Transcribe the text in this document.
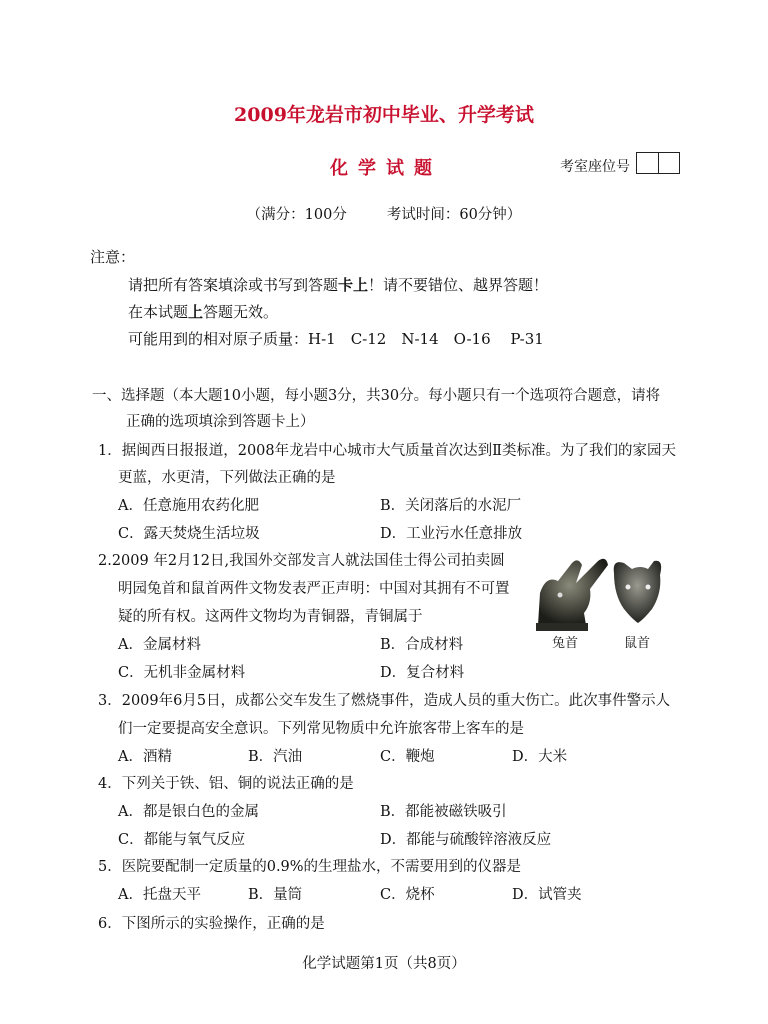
2009年龙岩市初中毕业、升学考试
化学试题	考室座位号
（满分：100分	考试时间：60分钟）
注意：
请把所有答案填涂或书写到答题卡上！请不要错位、越界答题！
在本试题上答题无效。
可能用到的相对原子质量：H-1　C-12　N-14　O-16　 P-31
一、选择题（本大题10小题，每小题3分，共30分。每小题只有一个选项符合题意，请将
正确的选项填涂到答题卡上）
1．据闽西日报报道，2008年龙岩中心城市大气质量首次达到Ⅱ类标准。为了我们的家园天
更蓝，水更清，下列做法正确的是
A．任意施用农药化肥	B．关闭落后的水泥厂
C．露天焚烧生活垃圾	D．工业污水任意排放
2.2009 年2月12日,我国外交部发言人就法国佳士得公司拍卖圆
明园兔首和鼠首两件文物发表严正声明：中国对其拥有不可置
疑的所有权。这两件文物均为青铜器，青铜属于
A．金属材料	B．合成材料
C．无机非金属材料	D．复合材料
兔首	鼠首
3．2009年6月5日，成都公交车发生了燃烧事件，造成人员的重大伤亡。此次事件警示人
们一定要提高安全意识。下列常见物质中允许旅客带上客车的是
A．酒精	B．汽油	C．鞭炮	D．大米
4．下列关于铁、铝、铜的说法正确的是
A．都是银白色的金属	B．都能被磁铁吸引
C．都能与氧气反应	D．都能与硫酸锌溶液反应
5．医院要配制一定质量的0.9%的生理盐水，不需要用到的仪器是
A．托盘天平	B．量筒	C．烧杯	D．试管夹
6．下图所示的实验操作，正确的是
化学试题第1页（共8页）
